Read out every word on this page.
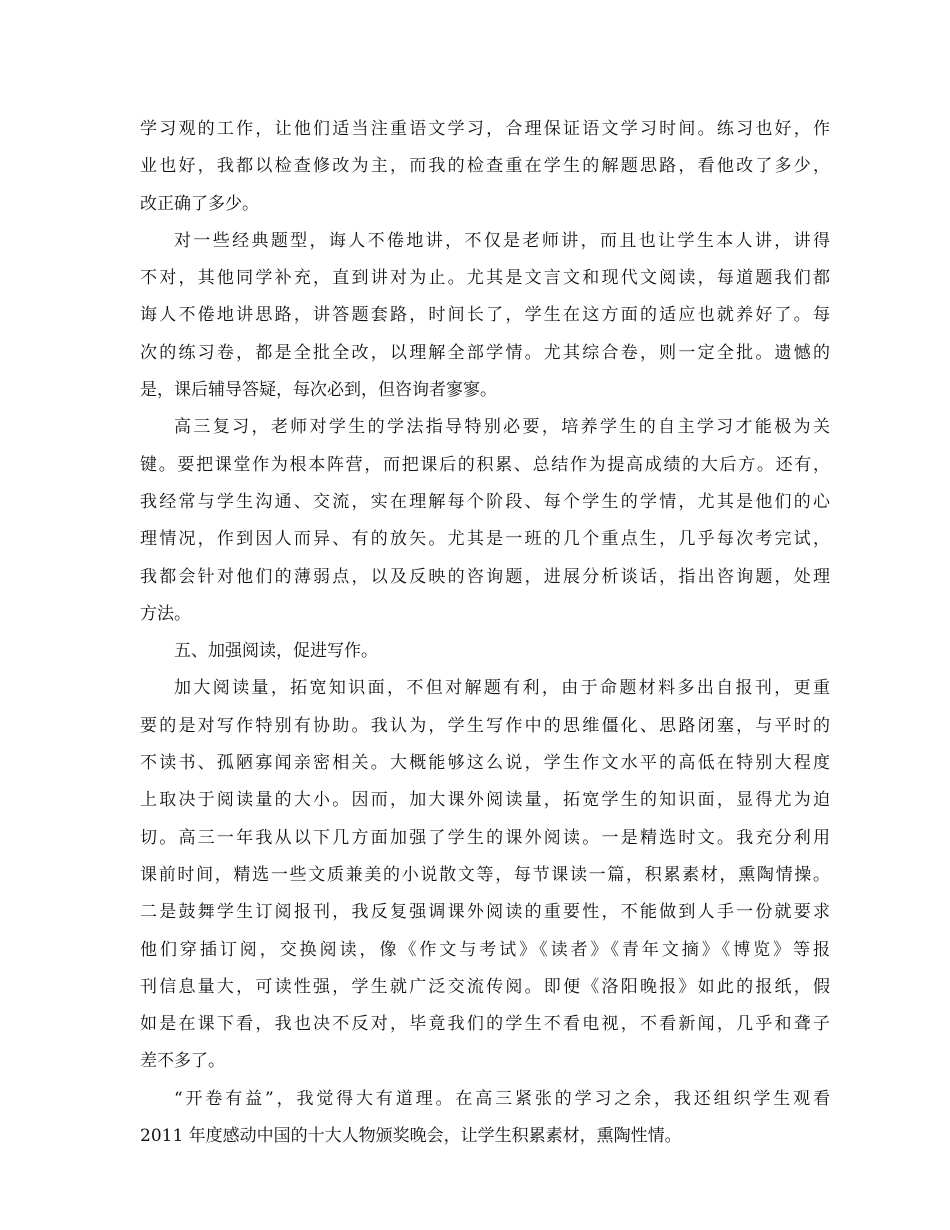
学习观的工作，让他们适当注重语文学习，合理保证语文学习时间。练习也好，作
业也好，我都以检查修改为主，而我的检查重在学生的解题思路，看他改了多少，
改正确了多少。
对一些经典题型，诲人不倦地讲，不仅是老师讲，而且也让学生本人讲，讲得
不对，其他同学补充，直到讲对为止。尤其是文言文和现代文阅读，每道题我们都
诲人不倦地讲思路，讲答题套路，时间长了，学生在这方面的适应也就养好了。每
次的练习卷，都是全批全改，以理解全部学情。尤其综合卷，则一定全批。遗憾的
是，课后辅导答疑，每次必到，但咨询者寥寥。
高三复习，老师对学生的学法指导特别必要，培养学生的自主学习才能极为关
键。要把课堂作为根本阵营，而把课后的积累、总结作为提高成绩的大后方。还有，
我经常与学生沟通、交流，实在理解每个阶段、每个学生的学情，尤其是他们的心
理情况，作到因人而异、有的放矢。尤其是一班的几个重点生，几乎每次考完试，
我都会针对他们的薄弱点，以及反映的咨询题，进展分析谈话，指出咨询题，处理
方法。
五、加强阅读，促进写作。
加大阅读量，拓宽知识面，不但对解题有利，由于命题材料多出自报刊，更重
要的是对写作特别有协助。我认为，学生写作中的思维僵化、思路闭塞，与平时的
不读书、孤陋寡闻亲密相关。大概能够这么说，学生作文水平的高低在特别大程度
上取决于阅读量的大小。因而，加大课外阅读量，拓宽学生的知识面，显得尤为迫
切。高三一年我从以下几方面加强了学生的课外阅读。一是精选时文。我充分利用
课前时间，精选一些文质兼美的小说散文等，每节课读一篇，积累素材，熏陶情操。
二是鼓舞学生订阅报刊，我反复强调课外阅读的重要性，不能做到人手一份就要求
他们穿插订阅，交换阅读，像《作文与考试》《读者》《青年文摘》《博览》等报
刊信息量大，可读性强，学生就广泛交流传阅。即便《洛阳晚报》如此的报纸，假
如是在课下看，我也决不反对，毕竟我们的学生不看电视，不看新闻，几乎和聋子
差不多了。
“开卷有益”，我觉得大有道理。在高三紧张的学习之余，我还组织学生观看
2011 年度感动中国的十大人物颁奖晚会，让学生积累素材，熏陶性情。
